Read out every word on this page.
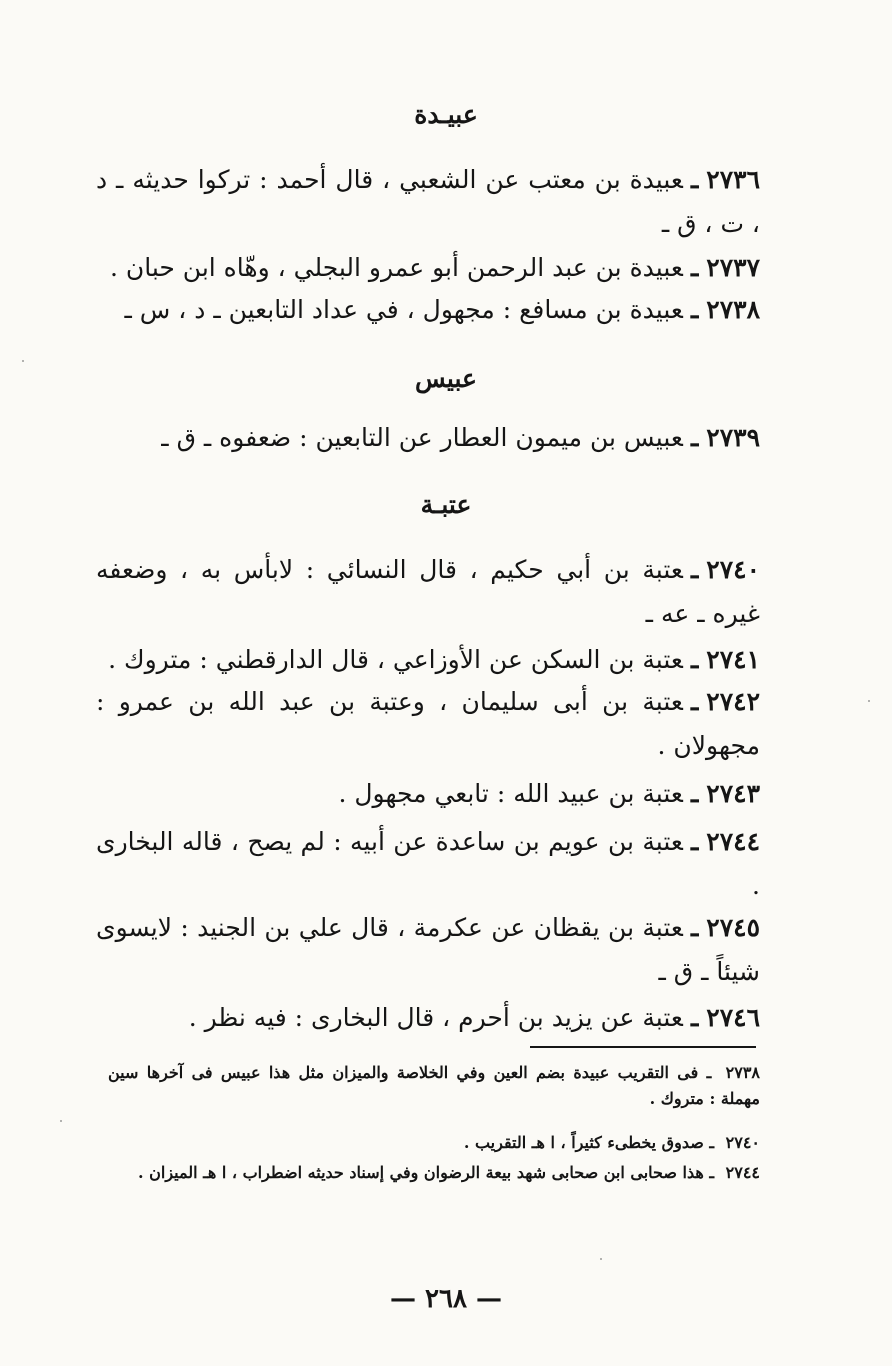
عبيـدة
٢٧٣٦ـعبيدة بن معتب عن الشعبي ، قال أحمد : تركوا حديثه ـ د ، ت ، ق ـ
٢٧٣٧ـعبيدة بن عبد الرحمن أبو عمرو البجلي ، وهّاه ابن حبان .
٢٧٣٨ـعبيدة بن مسافع : مجهول ، في عداد التابعين ـ د ، س ـ
عبيس
٢٧٣٩ـعبيس بن ميمون العطار عن التابعين : ضعفوه ـ ق ـ
عتبـة
٢٧٤٠ـعتبة بن أبي حكيم ، قال النسائي : لابأس به ، وضعفه غيره ـ عه ـ
٢٧٤١ـعتبة بن السكن عن الأوزاعي ، قال الدارقطني : متروك .
٢٧٤٢ـعتبة بن أبى سليمان ، وعتبة بن عبد الله بن عمرو : مجهولان .
٢٧٤٣ـعتبة بن عبيد الله : تابعي مجهول .
٢٧٤٤ـعتبة بن عويم بن ساعدة عن أبيه : لم يصح ، قاله البخارى .
٢٧٤٥ـعتبة بن يقظان عن عكرمة ، قال علي بن الجنيد : لايسوى شيئاً ـ ق ـ
٢٧٤٦ـعتبة عن يزيد بن أحرم ، قال البخارى : فيه نظر .
٢٧٣٨ ـ فى التقريب عبيدة بضم العين وفي الخلاصة والميزان مثل هذا عبيس فى آخرها سين مهملة : متروك .
٢٧٤٠ ـ صدوق يخطىء كثيراً ، ا هـ التقريب .
٢٧٤٤ ـ هذا صحابى ابن صحابى شهد بيعة الرضوان وفي إسناد حديثه اضطراب ، ا هـ الميزان .
— ٢٦٨ —
